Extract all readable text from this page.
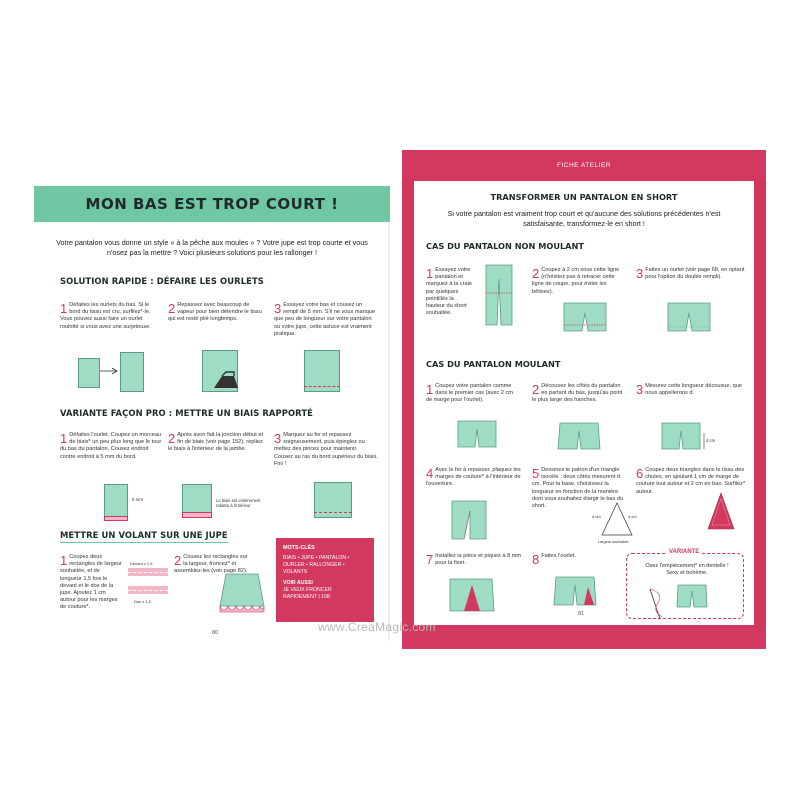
MON BAS EST TROP COURT !
Votre pantalon vous donne un style « à la pêche aux moules » ? Votre jupe est trop courte et vous n'osez pas la mettre ? Voici plusieurs solutions pour les rallonger !
SOLUTION RAPIDE : DÉFAIRE LES OURLETS
1 Défaites les ourlets du bas. Si le bord du tissu est cru, surfilez*-le. Vous pouvez aussi faire un ourlet roulotté si vous avez une surjeteuse.
2 Repassez avec beaucoup de vapeur pour bien détendre le tissu qui est resté plié longtemps.
3 Essayez votre bas et cousez un rempli de 5 mm. S'il ne vous manque que peu de longueur sur votre pantalon ou votre jupe, cette astuce est vraiment pratique.
VARIANTE FAÇON PRO : METTRE UN BIAIS RAPPORTÉ
1 Défaites l'ourlet. Coupez un morceau de biais* un peu plus long que le tour du bas du pantalon. Cousez endroit contre endroit à 5 mm du bord.
2 Après avoir fait la jonction début et fin de biais (voir page 152), repliez le biais à l'intérieur de la jambe.
3 Marquez au fer et repassez soigneusement, puis épinglez ou mettez des pinces pour maintenir. Cousez au ras du bord supérieur du biais. Fini !
5 mm	Le biais est entièrement rabattu à l'intérieur
METTRE UN VOLANT SUR UNE JUPE
1 Coupez deux rectangles de largeur souhaitée, et de longueur 1,5 fois le devant et le dos de la jupe. Ajoutez 1 cm autour pour les marges de couture*.
Devant x 1,5
Dos x 1,5
2 Cousez les rectangles sur la largeur, froncez* et assemblez-les (voir page 82).
MOTS-CLÉS
BIAIS • JUPE • PANTALON •
OURLER • RALLONGER •
VOLANTS
VOIR AUSSI
JE VEUX FRONCER
RAPIDEMENT | 108
80
FICHE ATELIER
TRANSFORMER UN PANTALON EN SHORT
Si votre pantalon est vraiment trop court et qu'aucune des solutions précédentes n'est satisfaisante, transformez-le en short !
CAS DU PANTALON NON MOULANT
1 Essayez votre pantalon et marquez à la craie par quelques pointillés la hauteur du short souhaitée.
2 Coupez à 2 cm sous cette ligne (n'hésitez pas à retracer cette ligne de coupe, pour éviter les bêtises).
3 Faites un ourlet (voir page 68, en optant pour l'option du double rempli).
CAS DU PANTALON MOULANT
1 Coupez votre pantalon comme dans le premier cas (avec 2 cm de marge pour l'ourlet).
2 Décousez les côtés du pantalon en partant du bas, jusqu'au point le plus large des hanches.
3 Mesurez cette longueur décousue, que nous appellerons d.
d cm
4 Avec le fer à repasser, plaquez les marges de couture* à l'intérieur de l'ouverture.
5 Dessinez le patron d'un triangle isocèle : deux côtés mesurent d cm. Pour la base, choisissez la longueur en fonction de la manière dont vous souhaitez élargir le bas du short.
d cm	d cm
Largeur souhaitée
6 Coupez deux triangles dans le tissu des chutes, en ajoutant 1 cm de marge de couture tout autour et 2 cm en bas. Surfilez* autour.
7 Installez la pièce et piquez à 8 mm pour la fixer.	8 Faites l'ourlet.
VARIANTE
Osez l'empiècement* en dentelle ! Sexy et bohème.
81
www.CreaMagic.com
